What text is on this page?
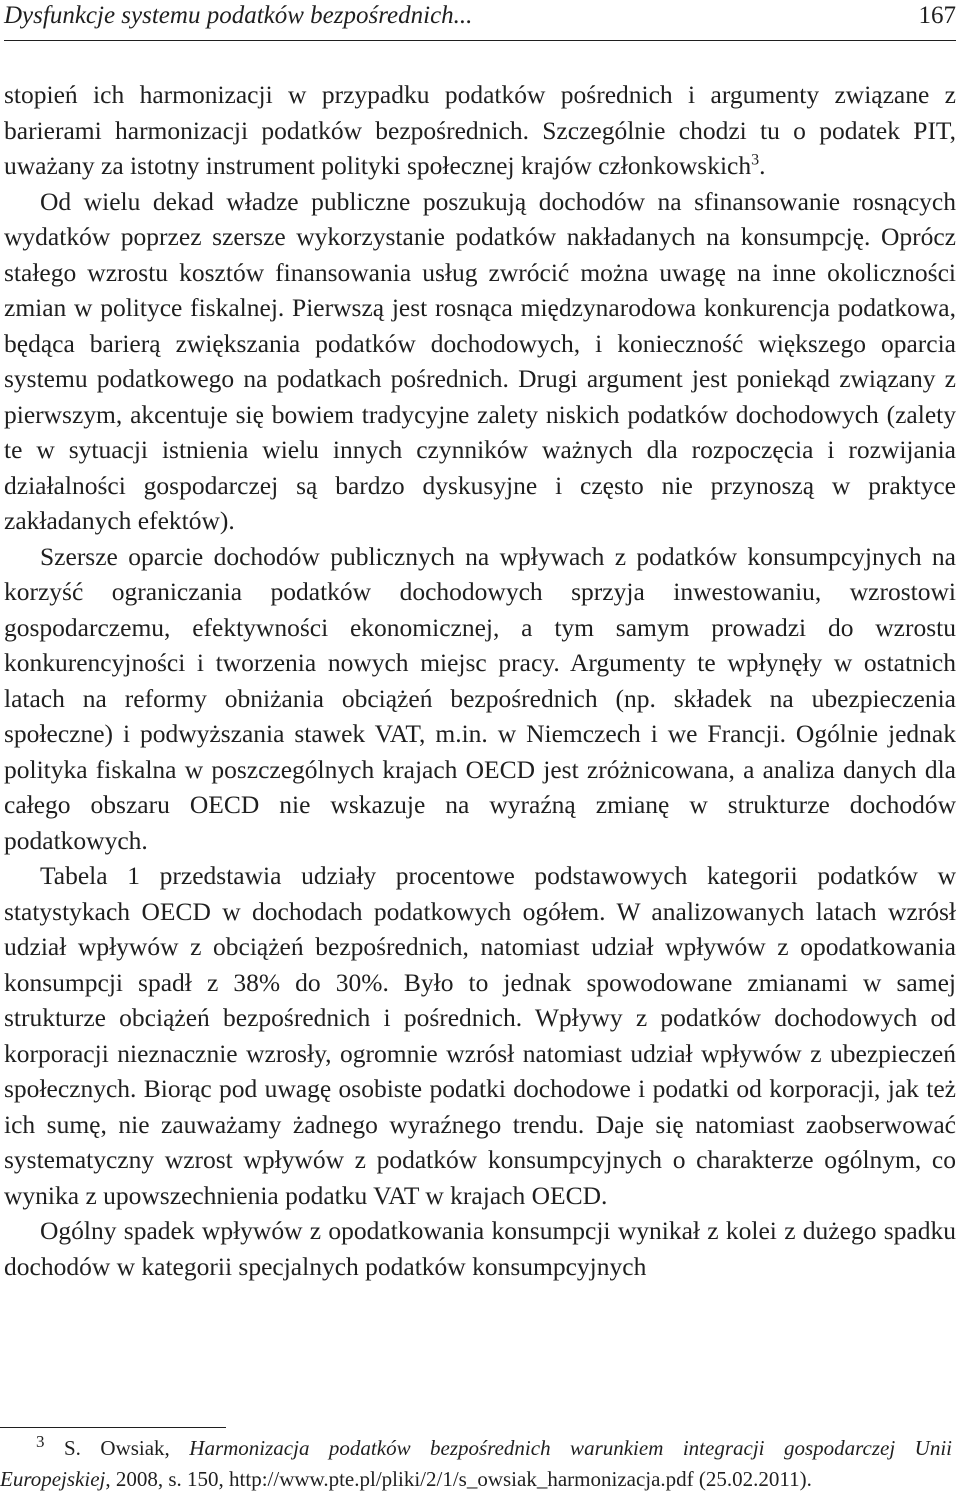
Dysfunkcje systemu podatków bezpośrednich...	167

stopień ich harmonizacji w przypadku podatków pośrednich i argumenty związane z barierami harmonizacji podatków bezpośrednich. Szczególnie chodzi tu o podatek PIT, uważany za istotny instrument polityki społecznej krajów członkowskich$^3$.

Od wielu dekad władze publiczne poszukują dochodów na sfinansowanie rosnących wydatków poprzez szersze wykorzystanie podatków nakładanych na konsumpcję. Oprócz stałego wzrostu kosztów finansowania usług zwrócić można uwagę na inne okoliczności zmian w polityce fiskalnej. Pierwszą jest rosnąca międzynarodowa konkurencja podatkowa, będąca barierą zwiększania podatków dochodowych, i konieczność większego oparcia systemu podatkowego na podatkach pośrednich. Drugi argument jest poniekąd związany z pierwszym, akcentuje się bowiem tradycyjne zalety niskich podatków dochodowych (zalety te w sytuacji istnienia wielu innych czynników ważnych dla rozpoczęcia i rozwijania działalności gospodarczej są bardzo dyskusyjne i często nie przynoszą w praktyce zakładanych efektów).

Szersze oparcie dochodów publicznych na wpływach z podatków konsumpcyjnych na korzyść ograniczania podatków dochodowych sprzyja inwestowaniu, wzrostowi gospodarczemu, efektywności ekonomicznej, a tym samym prowadzi do wzrostu konkurencyjności i tworzenia nowych miejsc pracy. Argumenty te wpłynęły w ostatnich latach na reformy obniżania obciążeń bezpośrednich (np. składek na ubezpieczenia społeczne) i podwyższania stawek VAT, m.in. w Niemczech i we Francji. Ogólnie jednak polityka fiskalna w poszczególnych krajach OECD jest zróżnicowana, a analiza danych dla całego obszaru OECD nie wskazuje na wyraźną zmianę w strukturze dochodów podatkowych.

Tabela 1 przedstawia udziały procentowe podstawowych kategorii podatków w statystykach OECD w dochodach podatkowych ogółem. W analizowanych latach wzrósł udział wpływów z obciążeń bezpośrednich, natomiast udział wpływów z opodatkowania konsumpcji spadł z 38% do 30%. Było to jednak spowodowane zmianami w samej strukturze obciążeń bezpośrednich i pośrednich. Wpływy z podatków dochodowych od korporacji nieznacznie wzrosły, ogromnie wzrósł natomiast udział wpływów z ubezpieczeń społecznych. Biorąc pod uwagę osobiste podatki dochodowe i podatki od korporacji, jak też ich sumę, nie zauważamy żadnego wyraźnego trendu. Daje się natomiast zaobserwować systematyczny wzrost wpływów z podatków konsumpcyjnych o charakterze ogólnym, co wynika z upowszechnienia podatku VAT w krajach OECD.

Ogólny spadek wpływów z opodatkowania konsumpcji wynikał z kolei z dużego spadku dochodów w kategorii specjalnych podatków konsumpcyjnych

3 S. Owsiak, Harmonizacja podatków bezpośrednich warunkiem integracji gospodarczej Unii Europejskiej, 2008, s. 150, http://www.pte.pl/pliki/2/1/s_owsiak_harmonizacja.pdf (25.02.2011).
